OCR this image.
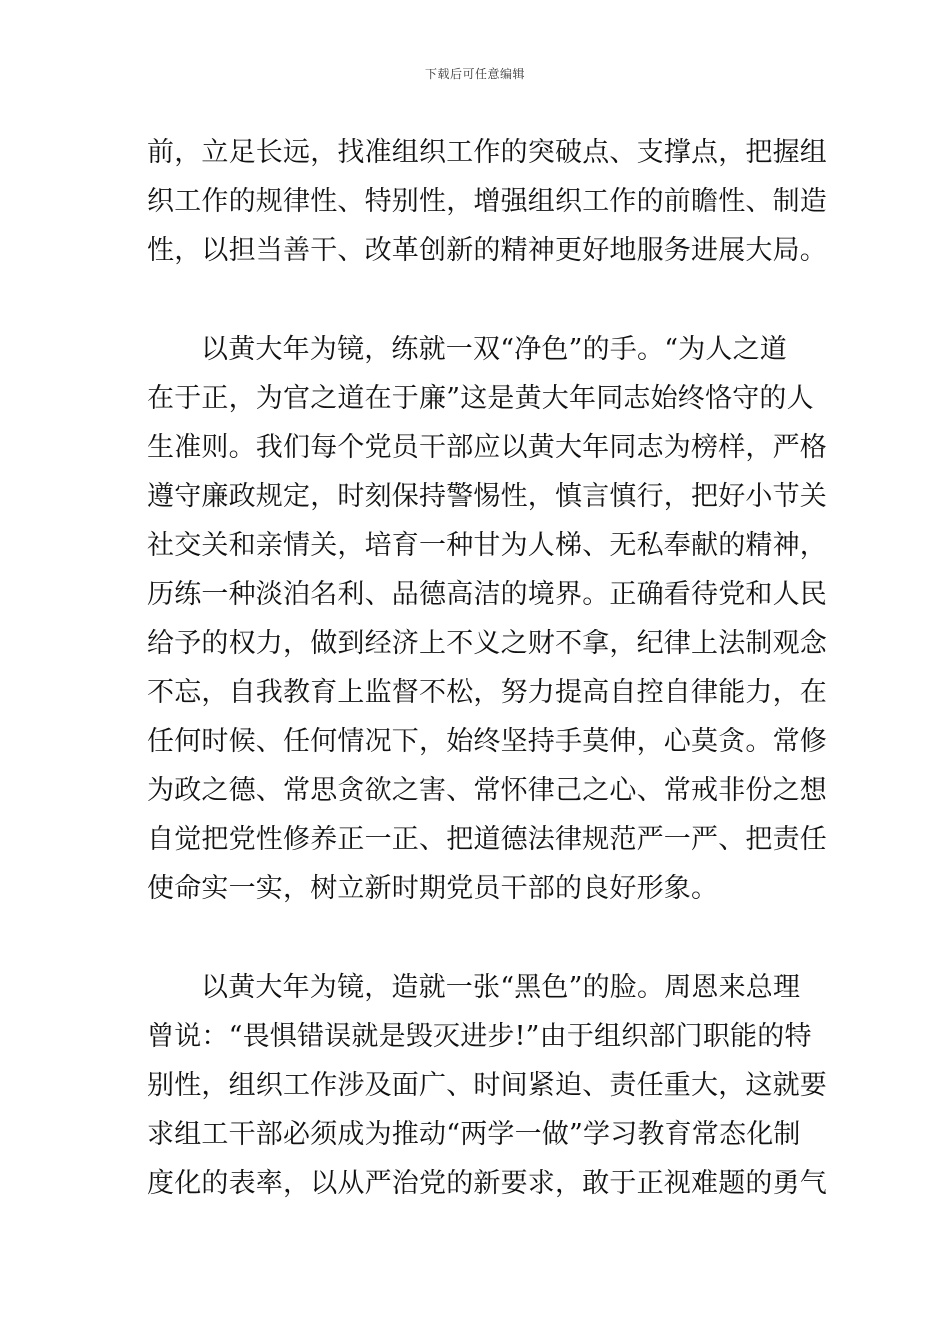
下载后可任意编辑
前，立足长远，找准组织工作的突破点、支撑点，把握组
织工作的规律性、特别性，增强组织工作的前瞻性、制造
性，以担当善干、改革创新的精神更好地服务进展大局。
以黄大年为镜，练就一双“净色”的手。“为人之道
在于正，为官之道在于廉”这是黄大年同志始终恪守的人
生准则。我们每个党员干部应以黄大年同志为榜样，严格
遵守廉政规定，时刻保持警惕性，慎言慎行，把好小节关
社交关和亲情关，培育一种甘为人梯、无私奉献的精神，
历练一种淡泊名利、品德高洁的境界。正确看待党和人民
给予的权力，做到经济上不义之财不拿，纪律上法制观念
不忘，自我教育上监督不松，努力提高自控自律能力，在
任何时候、任何情况下，始终坚持手莫伸，心莫贪。常修
为政之德、常思贪欲之害、常怀律己之心、常戒非份之想
自觉把党性修养正一正、把道德法律规范严一严、把责任
使命实一实，树立新时期党员干部的良好形象。
以黄大年为镜，造就一张“黑色”的脸。周恩来总理
曾说：“畏惧错误就是毁灭进步!”由于组织部门职能的特
别性，组织工作涉及面广、时间紧迫、责任重大，这就要
求组工干部必须成为推动“两学一做”学习教育常态化制
度化的表率，以从严治党的新要求，敢于正视难题的勇气
